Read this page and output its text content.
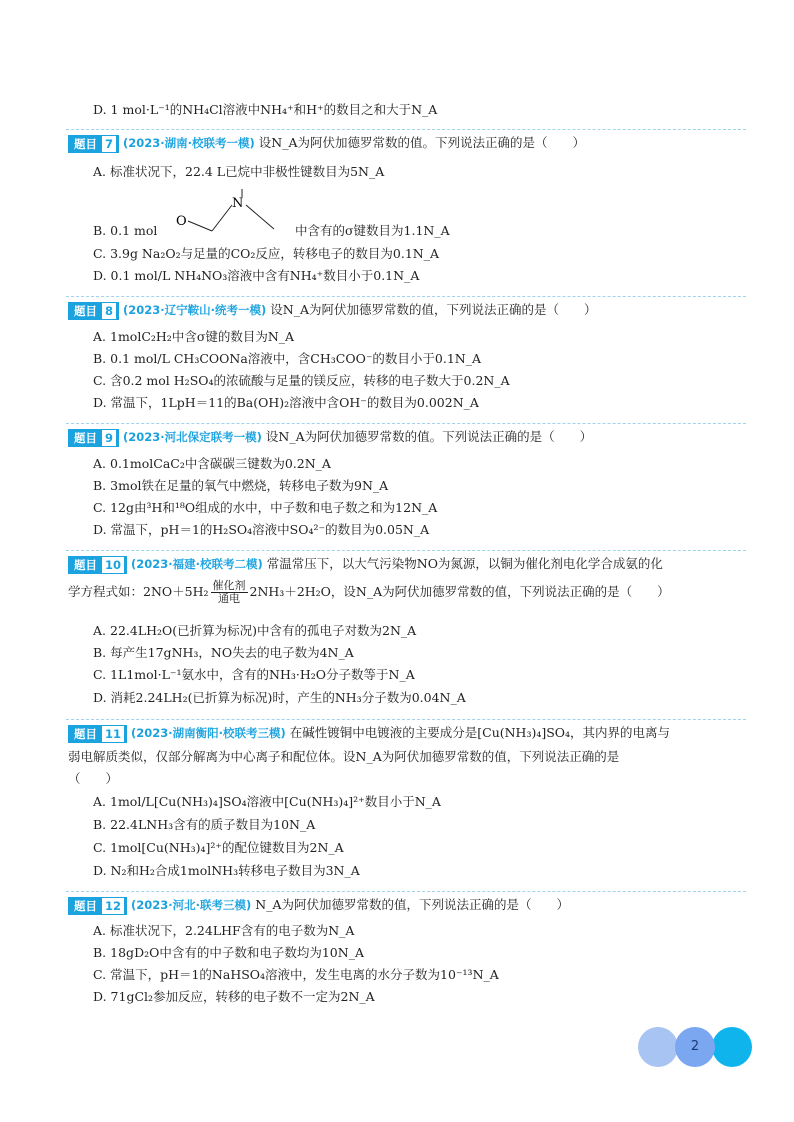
D. 1 mol·L⁻¹的NH₄Cl溶液中NH₄⁺和H⁺的数目之和大于N_A
题目 7 (2023·湖南·校联考一模) 设N_A为阿伏加德罗常数的值。下列说法正确的是（　　）
A. 标准状况下，22.4 L已烷中非极性键数目为5N_A
B. 0.1 mol
O
N
中含有的σ键数目为1.1N_A
C. 3.9g Na₂O₂与足量的CO₂反应，转移电子的数目为0.1N_A
D. 0.1 mol/L NH₄NO₃溶液中含有NH₄⁺数目小于0.1N_A
题目 8 (2023·辽宁鞍山·统考一模) 设N_A为阿伏加德罗常数的值，下列说法正确的是（　　）
A. 1molC₂H₂中含σ键的数目为N_A
B. 0.1 mol/L CH₃COONa溶液中，含CH₃COO⁻的数目小于0.1N_A
C. 含0.2 mol H₂SO₄的浓硫酸与足量的镁反应，转移的电子数大于0.2N_A
D. 常温下，1LpH＝11的Ba(OH)₂溶液中含OH⁻的数目为0.002N_A
题目 9 (2023·河北保定联考一模) 设N_A为阿伏加德罗常数的值。下列说法正确的是（　　）
A. 0.1molCaC₂中含碳碳三键数为0.2N_A
B. 3mol铁在足量的氧气中燃烧，转移电子数为9N_A
C. 12g由³H和¹⁸O组成的水中，中子数和电子数之和为12N_A
D. 常温下，pH＝1的H₂SO₄溶液中SO₄²⁻的数目为0.05N_A
题目 10 (2023·福建·校联考二模) 常温常压下，以大气污染物NO为氮源，以铜为催化剂电化学合成氨的化
学方程式如：$2NO+5H_2 \frac{\text{催化剂}}{\text{通电}} 2NH_3+2H_2O$，设N_A为阿伏加德罗常数的值，下列说法正确的是（　　）
A. 22.4LH₂O(已折算为标况)中含有的孤电子对数为2N_A
B. 每产生17gNH₃，NO失去的电子数为4N_A
C. 1L1mol·L⁻¹氨水中，含有的NH₃·H₂O分子数等于N_A
D. 消耗2.24LH₂(已折算为标况)时，产生的NH₃分子数为0.04N_A
题目 11 (2023·湖南衡阳·校联考三模) 在碱性镀铜中电镀液的主要成分是[Cu(NH₃)₄]SO₄，其内界的电离与
弱电解质类似，仅部分解离为中心离子和配位体。设N_A为阿伏加德罗常数的值，下列说法正确的是
（　　）
A. 1mol/L[Cu(NH₃)₄]SO₄溶液中[Cu(NH₃)₄]²⁺数目小于N_A
B. 22.4LNH₃含有的质子数目为10N_A
C. 1mol[Cu(NH₃)₄]²⁺的配位键数目为2N_A
D. N₂和H₂合成1molNH₃转移电子数目为3N_A
题目 12 (2023·河北·联考三模) N_A为阿伏加德罗常数的值，下列说法正确的是（　　）
A. 标准状况下，2.24LHF含有的电子数为N_A
B. 18gD₂O中含有的中子数和电子数均为10N_A
C. 常温下，pH＝1的NaHSO₄溶液中，发生电离的水分子数为10⁻¹³N_A
D. 71gCl₂参加反应，转移的电子数不一定为2N_A
2
